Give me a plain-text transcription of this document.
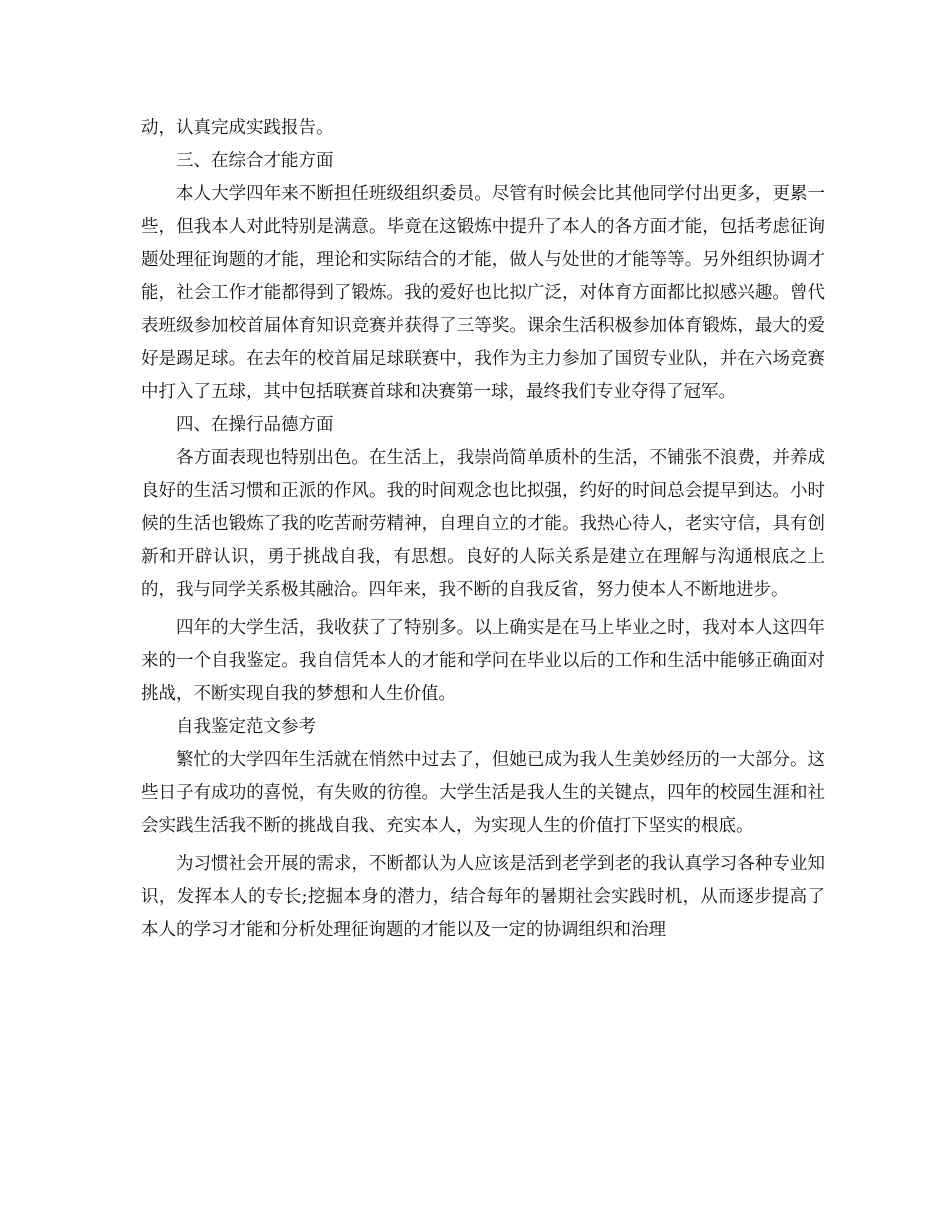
动，认真完成实践报告。

三、在综合才能方面

本人大学四年来不断担任班级组织委员。尽管有时候会比其他同学付出更多，更累一些，但我本人对此特别是满意。毕竟在这锻炼中提升了本人的各方面才能，包括考虑征询题处理征询题的才能，理论和实际结合的才能，做人与处世的才能等等。另外组织协调才能，社会工作才能都得到了锻炼。我的爱好也比拟广泛，对体育方面都比拟感兴趣。曾代表班级参加校首届体育知识竞赛并获得了三等奖。课余生活积极参加体育锻炼，最大的爱好是踢足球。在去年的校首届足球联赛中，我作为主力参加了国贸专业队，并在六场竞赛中打入了五球，其中包括联赛首球和决赛第一球，最终我们专业夺得了冠军。

四、在操行品德方面

各方面表现也特别出色。在生活上，我崇尚简单质朴的生活，不铺张不浪费，并养成良好的生活习惯和正派的作风。我的时间观念也比拟强，约好的时间总会提早到达。小时候的生活也锻炼了我的吃苦耐劳精神，自理自立的才能。我热心待人，老实守信，具有创新和开辟认识，勇于挑战自我，有思想。良好的人际关系是建立在理解与沟通根底之上的，我与同学关系极其融洽。四年来，我不断的自我反省，努力使本人不断地进步。

四年的大学生活，我收获了了特别多。以上确实是在马上毕业之时，我对本人这四年来的一个自我鉴定。我自信凭本人的才能和学问在毕业以后的工作和生活中能够正确面对挑战，不断实现自我的梦想和人生价值。

自我鉴定范文参考

繁忙的大学四年生活就在悄然中过去了，但她已成为我人生美妙经历的一大部分。这些日子有成功的喜悦，有失败的彷徨。大学生活是我人生的关键点，四年的校园生涯和社会实践生活我不断的挑战自我、充实本人，为实现人生的价值打下坚实的根底。

为习惯社会开展的需求，不断都认为人应该是活到老学到老的我认真学习各种专业知识，发挥本人的专长;挖掘本身的潜力，结合每年的暑期社会实践时机，从而逐步提高了本人的学习才能和分析处理征询题的才能以及一定的协调组织和治理
